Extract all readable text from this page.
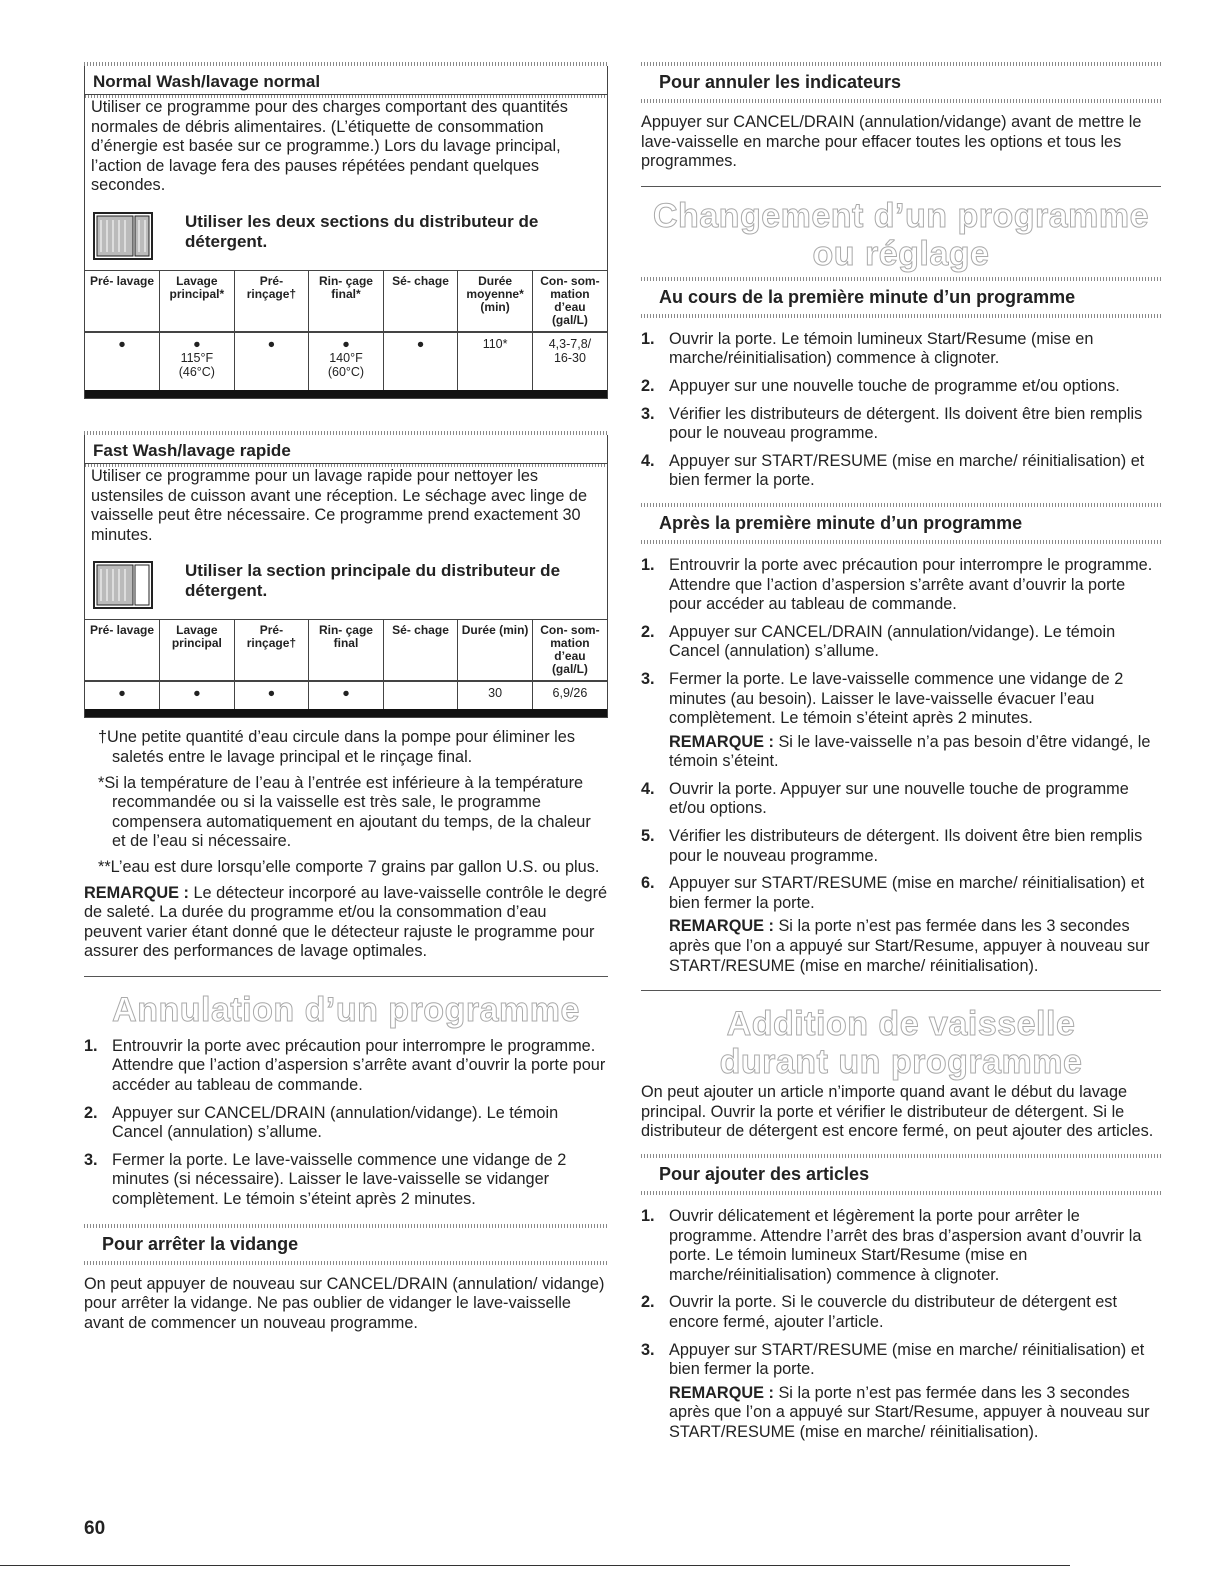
Normal Wash/lavage normal

Utiliser ce programme pour des charges comportant des quantités normales de débris alimentaires. (L’étiquette de consommation d’énergie est basée sur ce programme.) Lors du lavage principal, l’action de lavage fera des pauses répétées pendant quelques secondes.

Utiliser les deux sections du distributeur de détergent.
Pré- lavage	Lavage principal*	Pré- rinçage†	Rin- çage final*	Sé- chage	Durée moyenne* (min)	Con- som- mation d’eau (gal/L)
●	●
115°F
(46°C)	●	●
140°F
(60°C)	●	110*	4,3-7,8/
16-30
Fast Wash/lavage rapide

Utiliser ce programme pour un lavage rapide pour nettoyer les ustensiles de cuisson avant une réception. Le séchage avec linge de vaisselle peut être nécessaire. Ce programme prend exactement 30 minutes.

Utiliser la section principale du distributeur de détergent.
Pré- lavage	Lavage principal	Pré- rinçage†	Rin- çage final	Sé- chage	Durée (min)	Con- som- mation d’eau (gal/L)
●	●	●	●		30	6,9/26

†Une petite quantité d’eau circule dans la pompe pour éliminer les saletés entre le lavage principal et le rinçage final.

*Si la température de l’eau à l’entrée est inférieure à la température recommandée ou si la vaisselle est très sale, le programme compensera automatiquement en ajoutant du temps, de la chaleur et de l’eau si nécessaire.

**L’eau est dure lorsqu’elle comporte 7 grains par gallon U.S. ou plus.

REMARQUE : Le détecteur incorporé au lave-vaisselle contrôle le degré de saleté. La durée du programme et/ou la consommation d’eau peuvent varier étant donné que le détecteur rajuste le programme pour assurer des performances de lavage optimales.

Annulation d’un programme
1. Entrouvrir la porte avec précaution pour interrompre le programme. Attendre que l’action d’aspersion s’arrête avant d’ouvrir la porte pour accéder au tableau de commande.
2. Appuyer sur CANCEL/DRAIN (annulation/vidange). Le témoin Cancel (annulation) s’allume.
3. Fermer la porte. Le lave-vaisselle commence une vidange de 2 minutes (si nécessaire). Laisser le lave-vaisselle se vidanger complètement. Le témoin s’éteint après 2 minutes.
Pour arrêter la vidange

On peut appuyer de nouveau sur CANCEL/DRAIN (annulation/ vidange) pour arrêter la vidange. Ne pas oublier de vidanger le lave-vaisselle avant de commencer un nouveau programme.

Pour annuler les indicateurs

Appuyer sur CANCEL/DRAIN (annulation/vidange) avant de mettre le lave-vaisselle en marche pour effacer toutes les options et tous les programmes.

Changement d’un programme ou réglage
Au cours de la première minute d’un programme
1. Ouvrir la porte. Le témoin lumineux Start/Resume (mise en marche/réinitialisation) commence à clignoter.
2. Appuyer sur une nouvelle touche de programme et/ou options.
3. Vérifier les distributeurs de détergent. Ils doivent être bien remplis pour le nouveau programme.
4. Appuyer sur START/RESUME (mise en marche/ réinitialisation) et bien fermer la porte.
Après la première minute d’un programme
1. Entrouvrir la porte avec précaution pour interrompre le programme. Attendre que l’action d’aspersion s’arrête avant d’ouvrir la porte pour accéder au tableau de commande.
2. Appuyer sur CANCEL/DRAIN (annulation/vidange). Le témoin Cancel (annulation) s’allume.
3. Fermer la porte. Le lave-vaisselle commence une vidange de 2 minutes (au besoin). Laisser le lave-vaisselle évacuer l’eau complètement. Le témoin s’éteint après 2 minutes.
REMARQUE : Si le lave-vaisselle n’a pas besoin d’être vidangé, le témoin s’éteint.
4. Ouvrir la porte. Appuyer sur une nouvelle touche de programme et/ou options.
5. Vérifier les distributeurs de détergent. Ils doivent être bien remplis pour le nouveau programme.
6. Appuyer sur START/RESUME (mise en marche/ réinitialisation) et bien fermer la porte.
REMARQUE : Si la porte n’est pas fermée dans les 3 secondes après que l’on a appuyé sur Start/Resume, appuyer à nouveau sur START/RESUME (mise en marche/ réinitialisation).
Addition de vaisselle
durant un programme

On peut ajouter un article n’importe quand avant le début du lavage principal. Ouvrir la porte et vérifier le distributeur de détergent. Si le distributeur de détergent est encore fermé, on peut ajouter des articles.

Pour ajouter des articles
1. Ouvrir délicatement et légèrement la porte pour arrêter le programme. Attendre l’arrêt des bras d’aspersion avant d’ouvrir la porte. Le témoin lumineux Start/Resume (mise en marche/réinitialisation) commence à clignoter.
2. Ouvrir la porte. Si le couvercle du distributeur de détergent est encore fermé, ajouter l’article.
3. Appuyer sur START/RESUME (mise en marche/ réinitialisation) et bien fermer la porte.
REMARQUE : Si la porte n’est pas fermée dans les 3 secondes après que l’on a appuyé sur Start/Resume, appuyer à nouveau sur START/RESUME (mise en marche/ réinitialisation).
60
